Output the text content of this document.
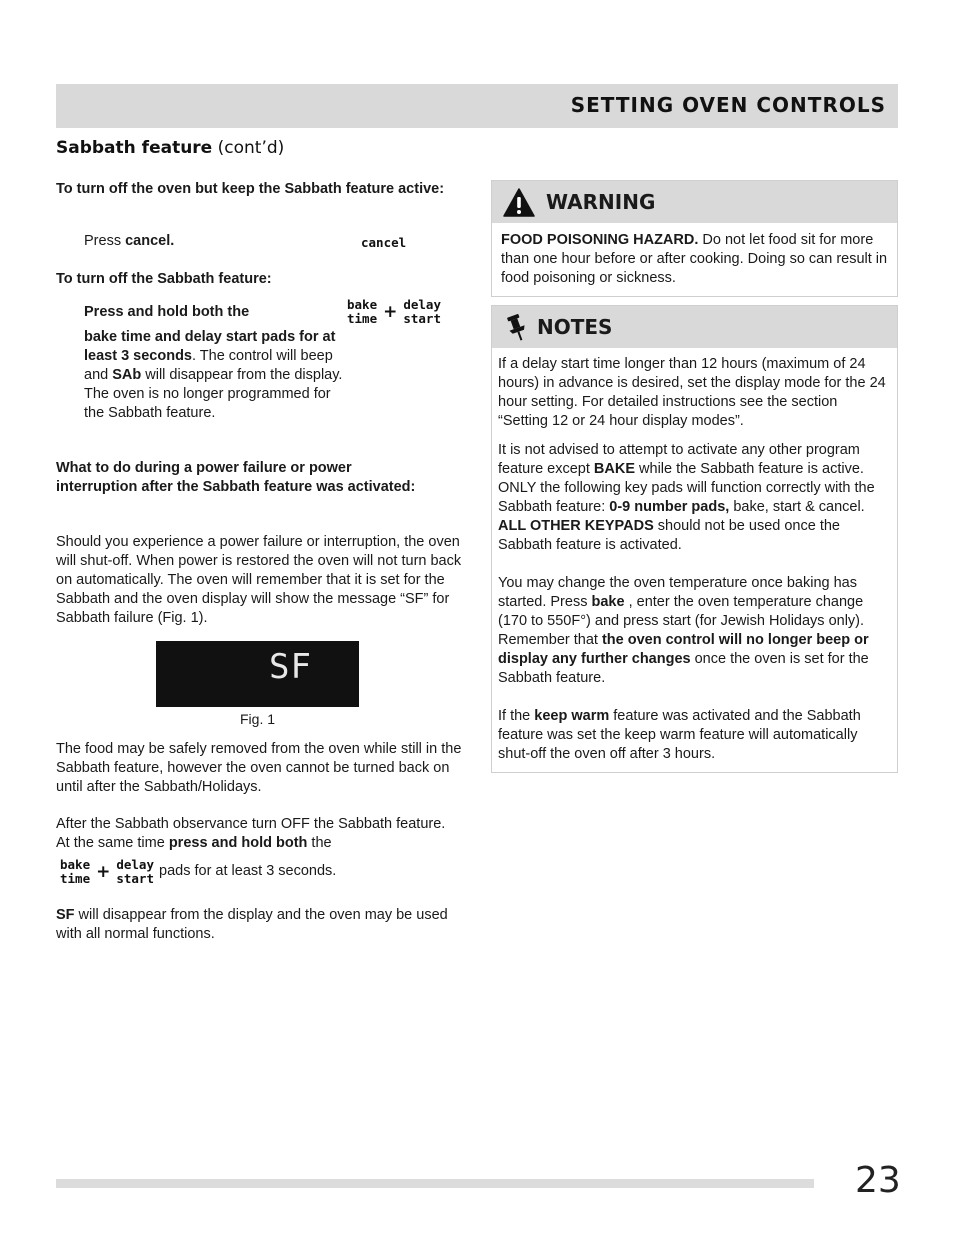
SETTING OVEN CONTROLS
Sabbath feature (cont’d)
To turn off the oven but keep the Sabbath feature active:
Press cancel.	cancel
To turn off the Sabbath feature:
Press and hold both the	bake
time + delay
start
bake time and delay start pads for at least 3 seconds. The control will beep and SAb will disappear from the display. The oven is no longer programmed for the Sabbath feature.
What to do during a power failure or power interruption after the Sabbath feature was activated:
Should you experience a power failure or interruption, the oven will shut-off. When power is restored the oven will not turn back on automatically. The oven will remember that it is set for the Sabbath and the oven display will show the message “SF” for Sabbath failure (Fig. 1).
SF
Fig. 1
The food may be safely removed from the oven while still in the Sabbath feature, however the oven cannot be turned back on until after the Sabbath/Holidays.
After the Sabbath observance turn OFF the Sabbath feature. At the same time press and hold both the
bake
time + delay
start pads for at least 3 seconds.
SF will disappear from the display and the oven may be used with all normal functions.
WARNING
FOOD POISONING HAZARD. Do not let food sit for more than one hour before or after cooking. Doing so can result in food poisoning or sickness.
NOTES

If a delay start time longer than 12 hours (maximum of 24 hours) in advance is desired, set the display mode for the 24 hour setting. For detailed instructions see the section “Setting 12 or 24 hour display modes”.

It is not advised to attempt to activate any other program feature except BAKE while the Sabbath feature is active. ONLY the following key pads will function correctly with the Sabbath feature: 0-9 number pads, bake, start & cancel. ALL OTHER KEYPADS should not be used once the Sabbath feature is activated.

You may change the oven temperature once baking has started. Press bake , enter the oven temperature change (170 to 550F°) and press start (for Jewish Holidays only). Remember that the oven control will no longer beep or display any further changes once the oven is set for the Sabbath feature.

If the keep warm feature was activated and the Sabbath feature was set the keep warm feature will automatically shut-off the oven off after 3 hours.

23
